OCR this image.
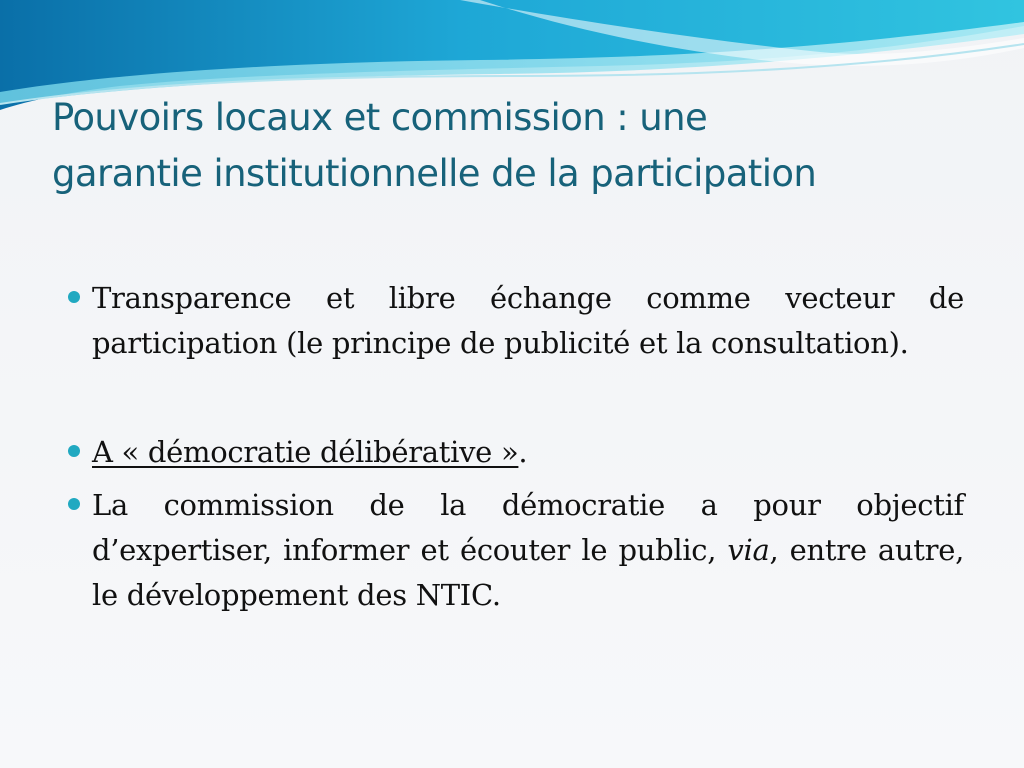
Pouvoirs locaux et commission : une
garantie institutionnelle de la participation

Transparence et libre échange comme vecteur de participation (le principe de publicité et la consultation).

A « démocratie délibérative ».

La commission de la démocratie a pour objectif d’expertiser, informer et écouter le public, via, entre autre, le développement des NTIC.
